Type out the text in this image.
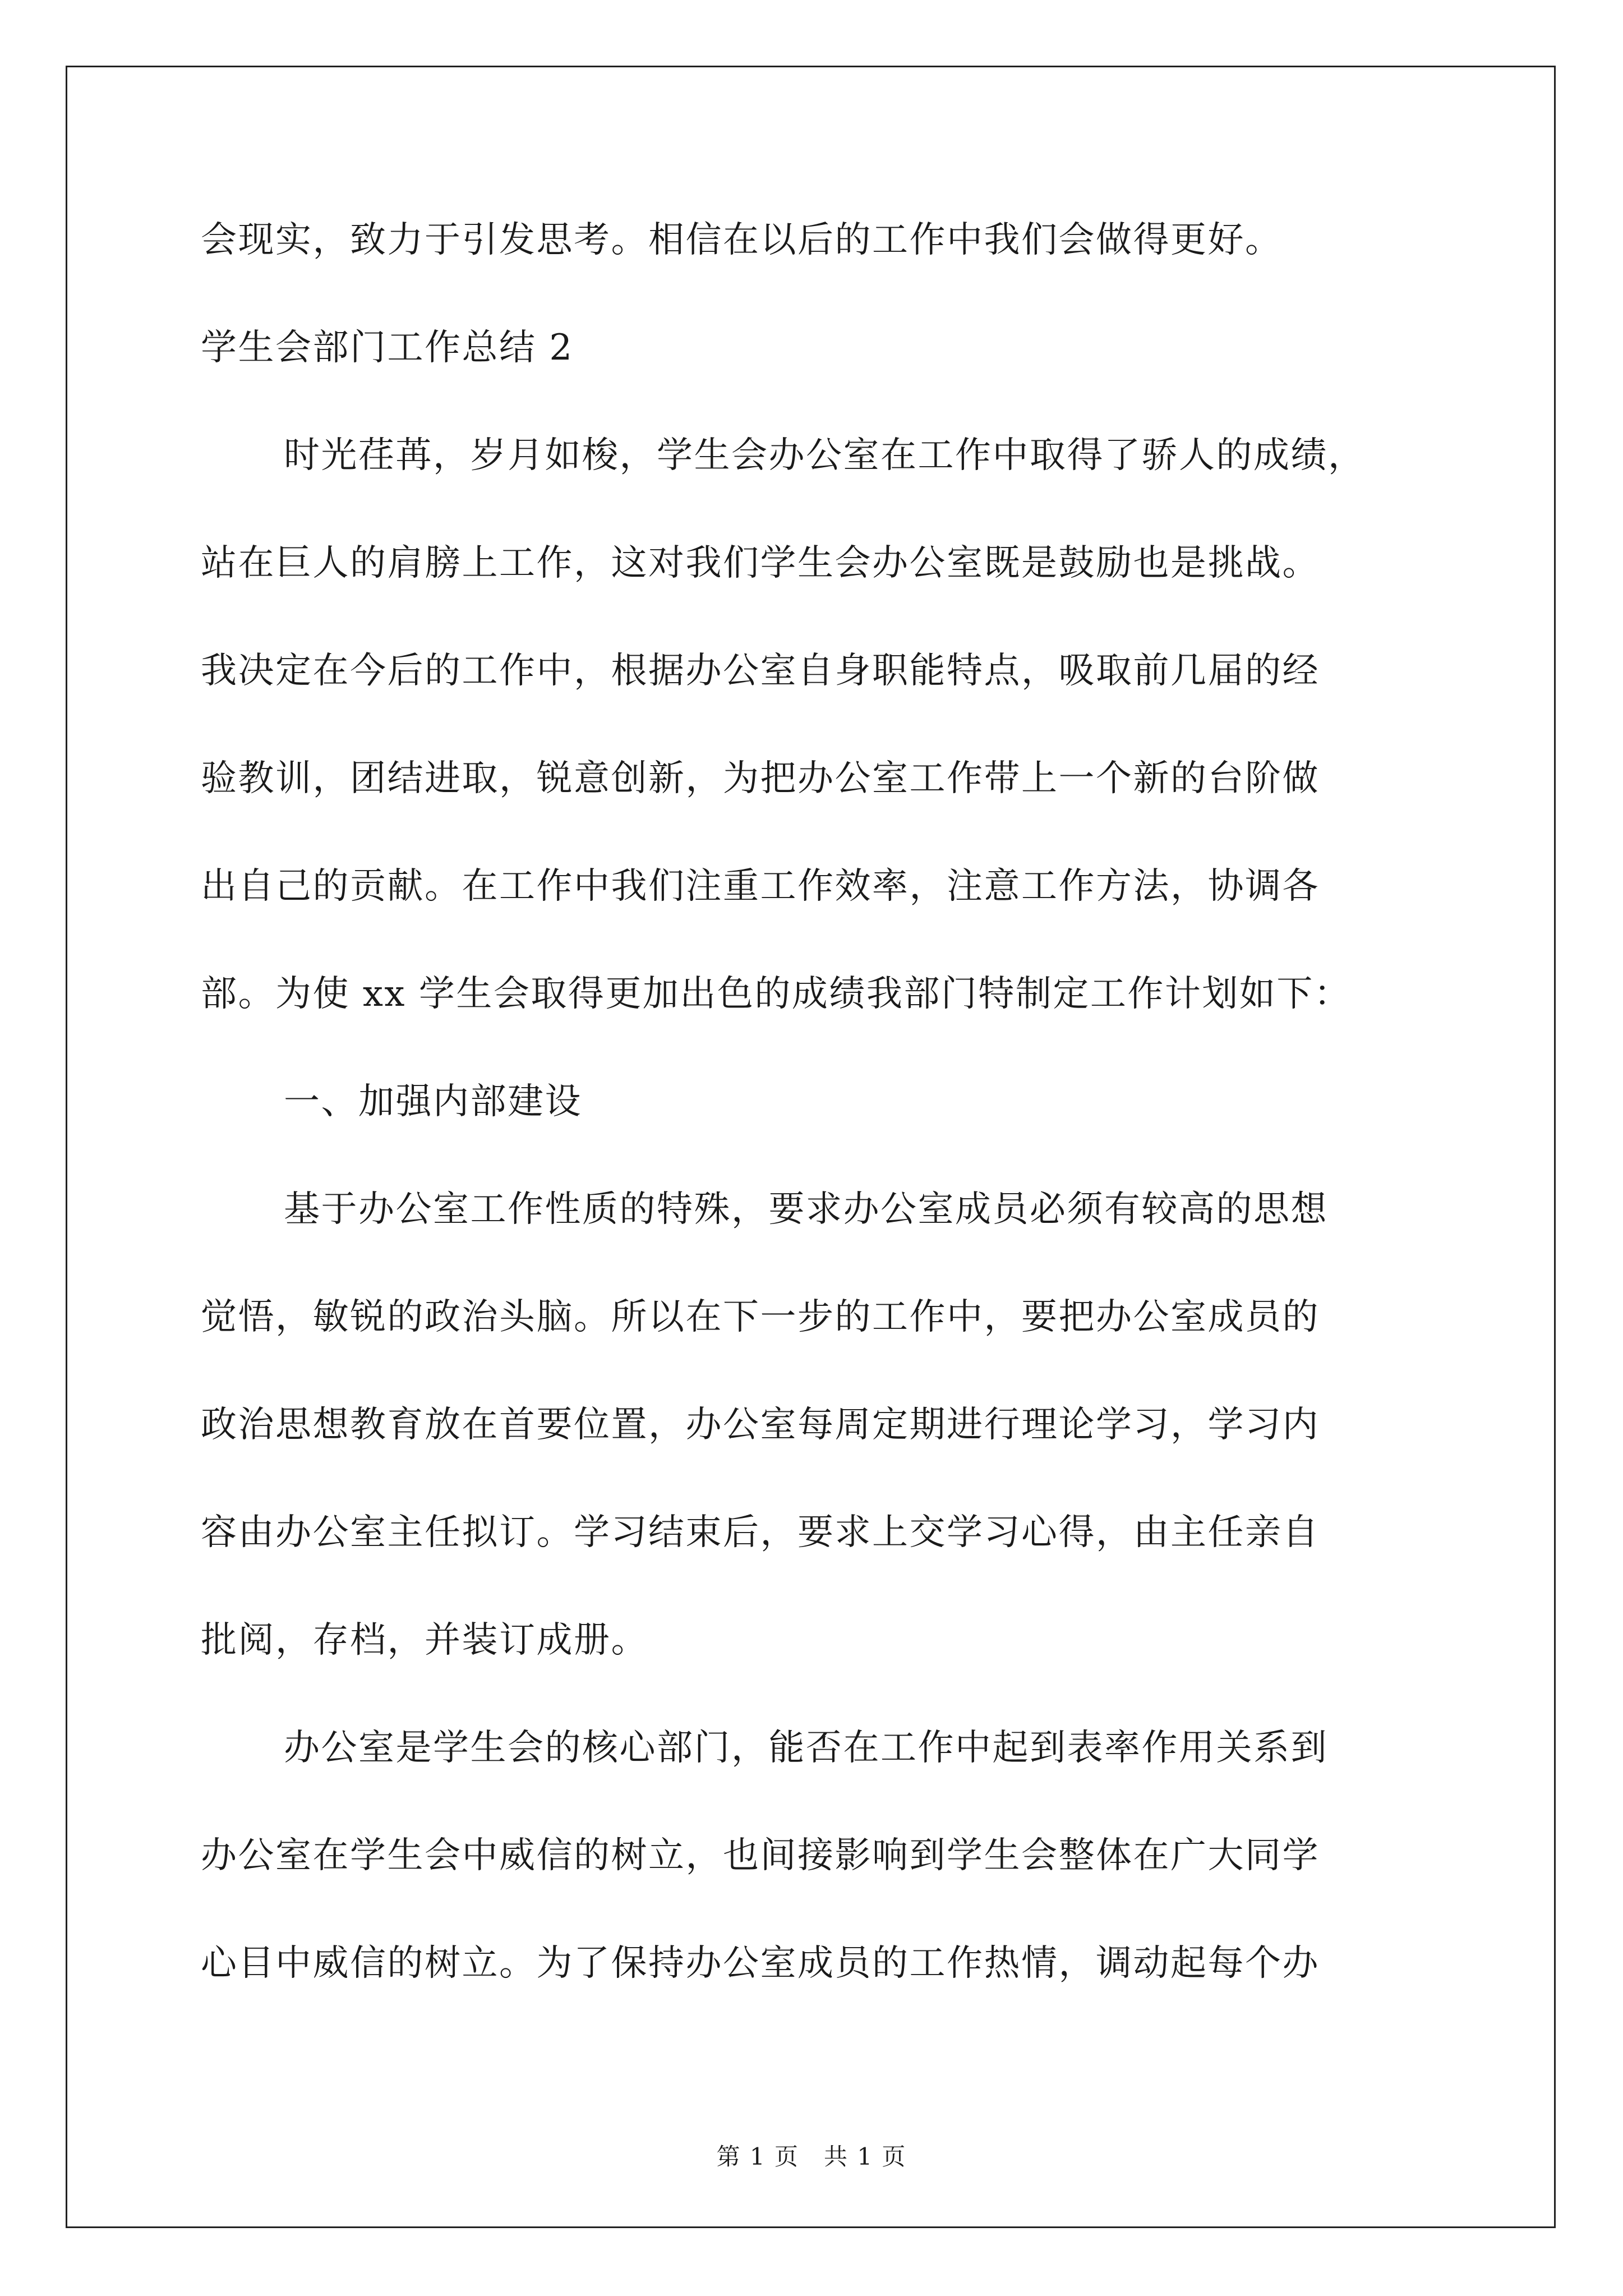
会现实，致力于引发思考。相信在以后的工作中我们会做得更好。
学生会部门工作总结 2
时光荏苒，岁月如梭，学生会办公室在工作中取得了骄人的成绩，
站在巨人的肩膀上工作，这对我们学生会办公室既是鼓励也是挑战。
我决定在今后的工作中，根据办公室自身职能特点，吸取前几届的经
验教训，团结进取，锐意创新，为把办公室工作带上一个新的台阶做
出自己的贡献。在工作中我们注重工作效率，注意工作方法，协调各
部。为使 xx 学生会取得更加出色的成绩我部门特制定工作计划如下：
一、加强内部建设
基于办公室工作性质的特殊，要求办公室成员必须有较高的思想
觉悟，敏锐的政治头脑。所以在下一步的工作中，要把办公室成员的
政治思想教育放在首要位置，办公室每周定期进行理论学习，学习内
容由办公室主任拟订。学习结束后，要求上交学习心得，由主任亲自
批阅，存档，并装订成册。
办公室是学生会的核心部门，能否在工作中起到表率作用关系到
办公室在学生会中威信的树立，也间接影响到学生会整体在广大同学
心目中威信的树立。为了保持办公室成员的工作热情，调动起每个办
第 1 页　共 1 页
